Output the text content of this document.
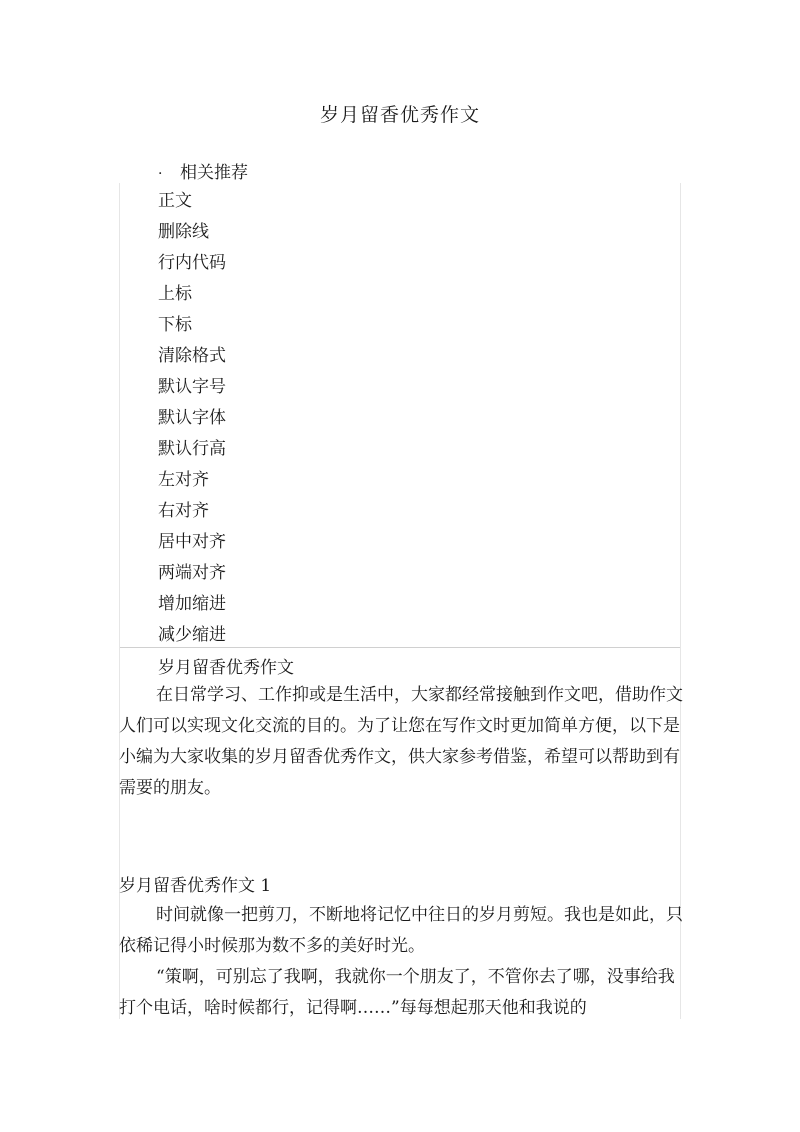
岁月留香优秀作文
· 相关推荐
正文
删除线
行内代码
上标
下标
清除格式
默认字号
默认字体
默认行高
左对齐
右对齐
居中对齐
两端对齐
增加缩进
减少缩进
岁月留香优秀作文

在日常学习、工作抑或是生活中，大家都经常接触到作文吧，借助作文人们可以实现文化交流的目的。为了让您在写作文时更加简单方便，以下是小编为大家收集的岁月留香优秀作文，供大家参考借鉴，希望可以帮助到有需要的朋友。

岁月留香优秀作文 1

时间就像一把剪刀，不断地将记忆中往日的岁月剪短。我也是如此，只依稀记得小时候那为数不多的美好时光。

“策啊，可别忘了我啊，我就你一个朋友了，不管你去了哪，没事给我打个电话，啥时候都行，记得啊……”每每想起那天他和我说的
